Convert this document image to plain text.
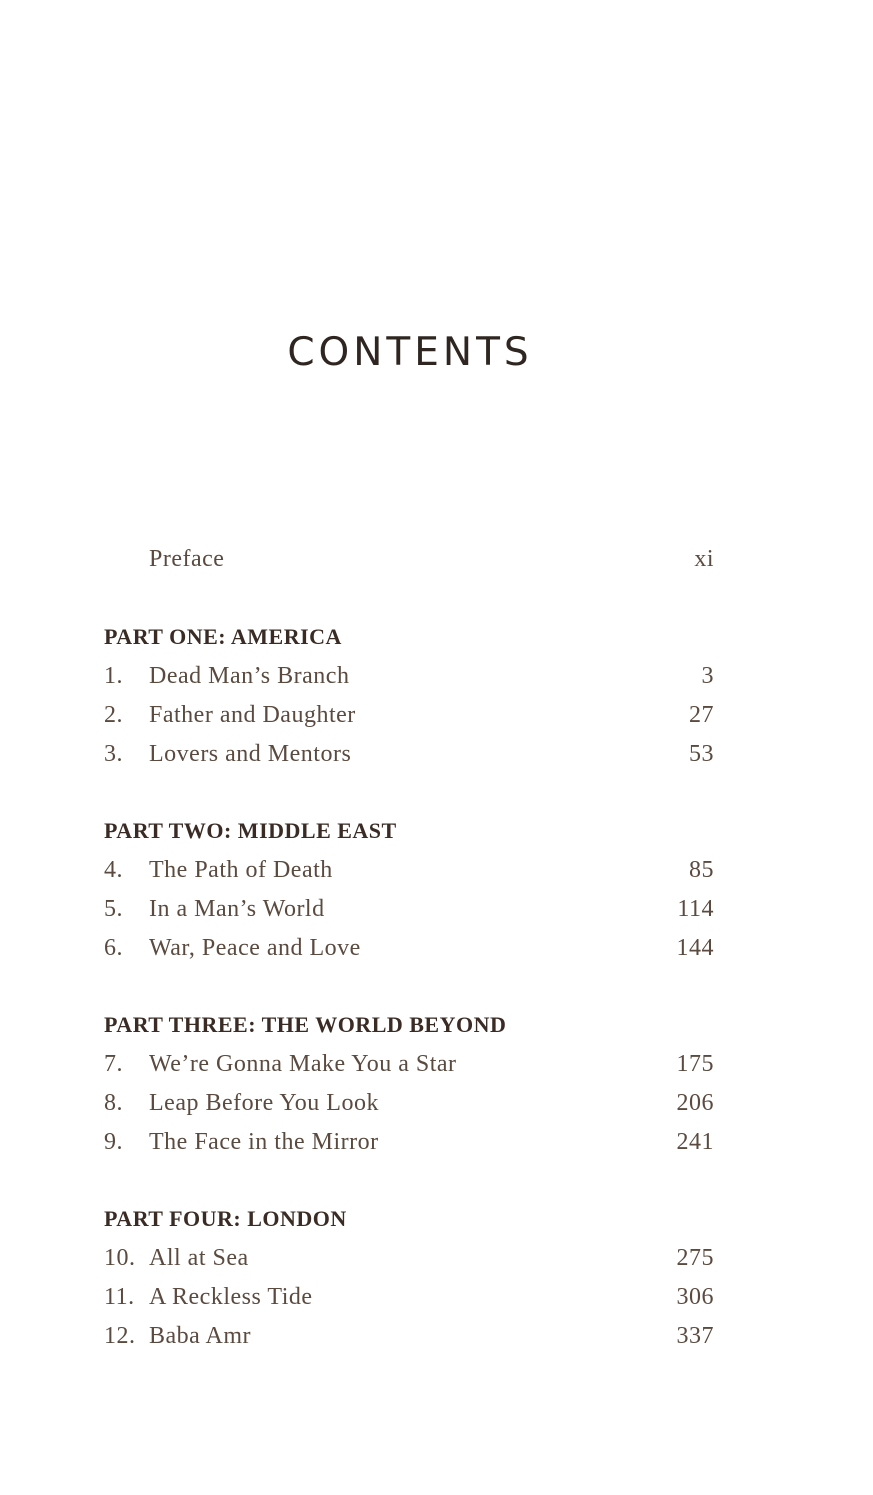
CONTENTS
Preface	xi
PART ONE: AMERICA
1. Dead Man’s Branch	3
2. Father and Daughter	27
3. Lovers and Mentors	53
PART TWO: MIDDLE EAST
4. The Path of Death	85
5. In a Man’s World	114
6. War, Peace and Love	144
PART THREE: THE WORLD BEYOND
7. We’re Gonna Make You a Star	175
8. Leap Before You Look	206
9. The Face in the Mirror	241
PART FOUR: LONDON
10. All at Sea	275
11. A Reckless Tide	306
12. Baba Amr	337
